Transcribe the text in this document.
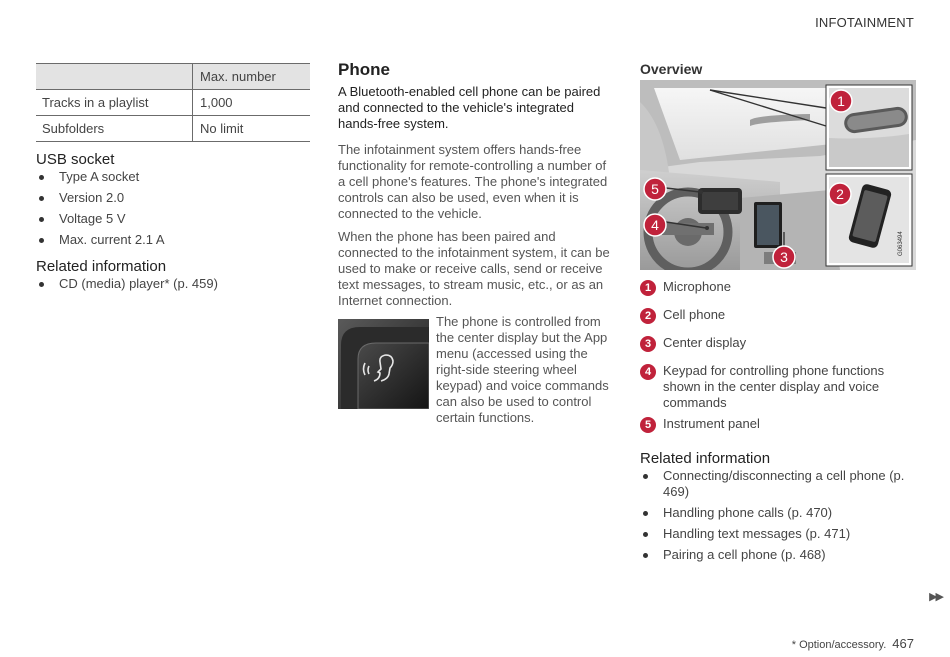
INFOTAINMENT
	Max. number
Tracks in a playlist	1,000
Subfolders	No limit
USB socket
Type A socket
Version 2.0
Voltage 5 V
Max. current 2.1 A
Related information
CD (media) player* (p. 459)
Phone

A Bluetooth-enabled cell phone can be paired and connected to the vehicle's integrated hands-free system.

The infotainment system offers hands-free functionality for remote-controlling a number of a cell phone's features. The phone's integrated controls can also be used, even when it is connected to the vehicle.

When the phone has been paired and connected to the infotainment system, it can be used to make or receive calls, send or receive text messages, to stream music, etc., or as an Internet connection.

The phone is controlled from the center display but the App menu (accessed using the right-side steering wheel keypad) and voice commands can also be used to control certain functions.

Overview
G063494
1
2
3
4
5
1 Microphone
2 Cell phone
3 Center display
4 Keypad for controlling phone functions shown in the center display and voice commands
5 Instrument panel
Related information
Connecting/disconnecting a cell phone (p. 469)
Handling phone calls (p. 470)
Handling text messages (p. 471)
Pairing a cell phone (p. 468)
▶▶
* Option/accessory. 467
